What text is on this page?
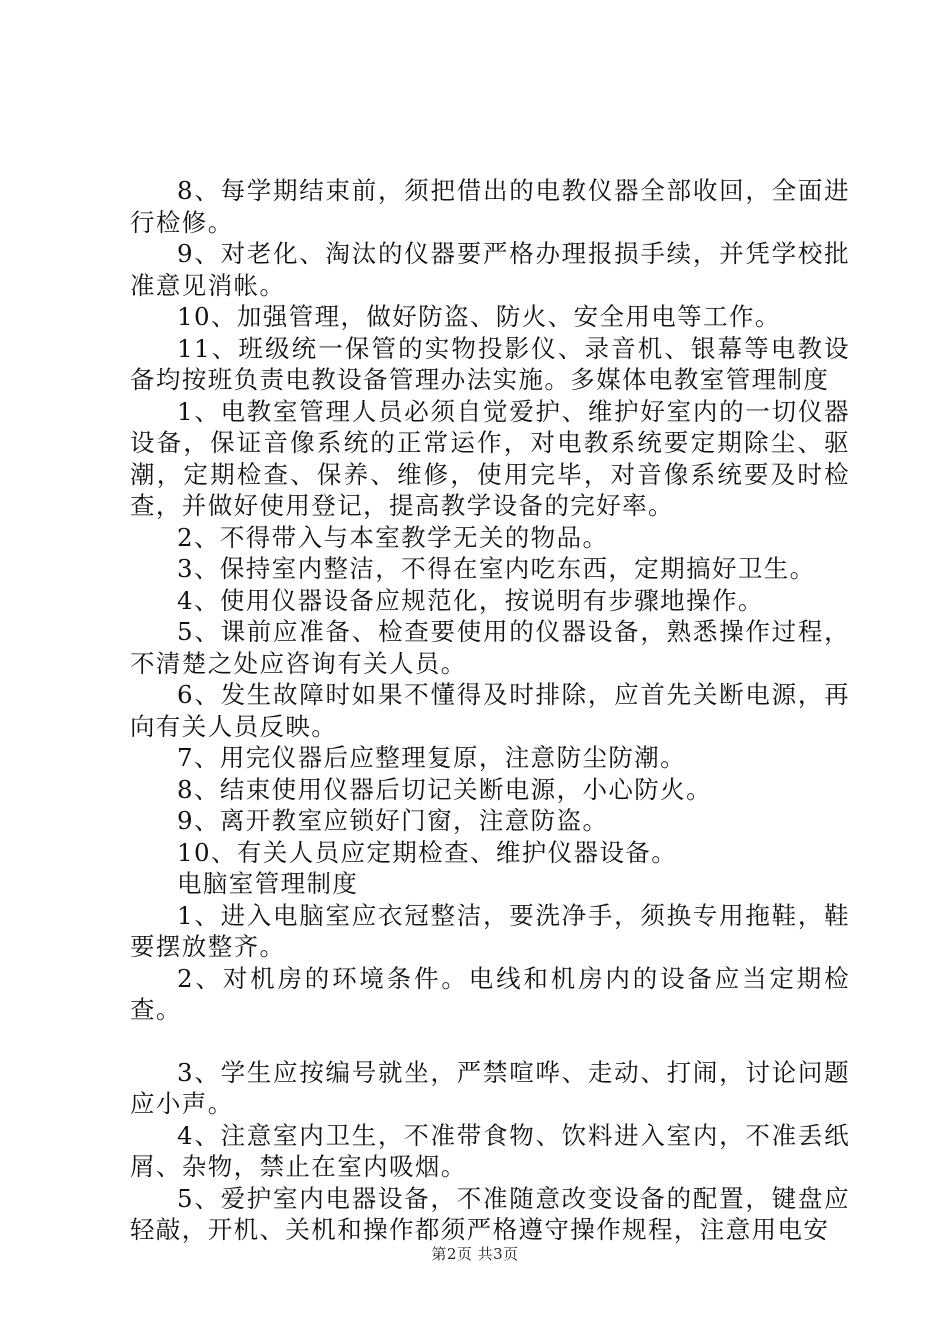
8、每学期结束前，须把借出的电教仪器全部收回，全面进行检修。

9、对老化、淘汰的仪器要严格办理报损手续，并凭学校批准意见消帐。

10、加强管理，做好防盗、防火、安全用电等工作。

11、班级统一保管的实物投影仪、录音机、银幕等电教设备均按班负责电教设备管理办法实施。多媒体电教室管理制度

1、电教室管理人员必须自觉爱护、维护好室内的一切仪器设备，保证音像系统的正常运作，对电教系统要定期除尘、驱潮，定期检查、保养、维修，使用完毕，对音像系统要及时检查，并做好使用登记，提高教学设备的完好率。

2、不得带入与本室教学无关的物品。

3、保持室内整洁，不得在室内吃东西，定期搞好卫生。

4、使用仪器设备应规范化，按说明有步骤地操作。

5、课前应准备、检查要使用的仪器设备，熟悉操作过程，不清楚之处应咨询有关人员。

6、发生故障时如果不懂得及时排除，应首先关断电源，再向有关人员反映。

7、用完仪器后应整理复原，注意防尘防潮。

8、结束使用仪器后切记关断电源，小心防火。

9、离开教室应锁好门窗，注意防盗。

10、有关人员应定期检查、维护仪器设备。

电脑室管理制度

1、进入电脑室应衣冠整洁，要洗净手，须换专用拖鞋，鞋要摆放整齐。

2、对机房的环境条件。电线和机房内的设备应当定期检查。

3、学生应按编号就坐，严禁喧哗、走动、打闹，讨论问题应小声。

4、注意室内卫生，不准带食物、饮料进入室内，不准丢纸屑、杂物，禁止在室内吸烟。

5、爱护室内电器设备，不准随意改变设备的配置，键盘应轻敲，开机、关机和操作都须严格遵守操作规程，注意用电安

第2页 共3页
